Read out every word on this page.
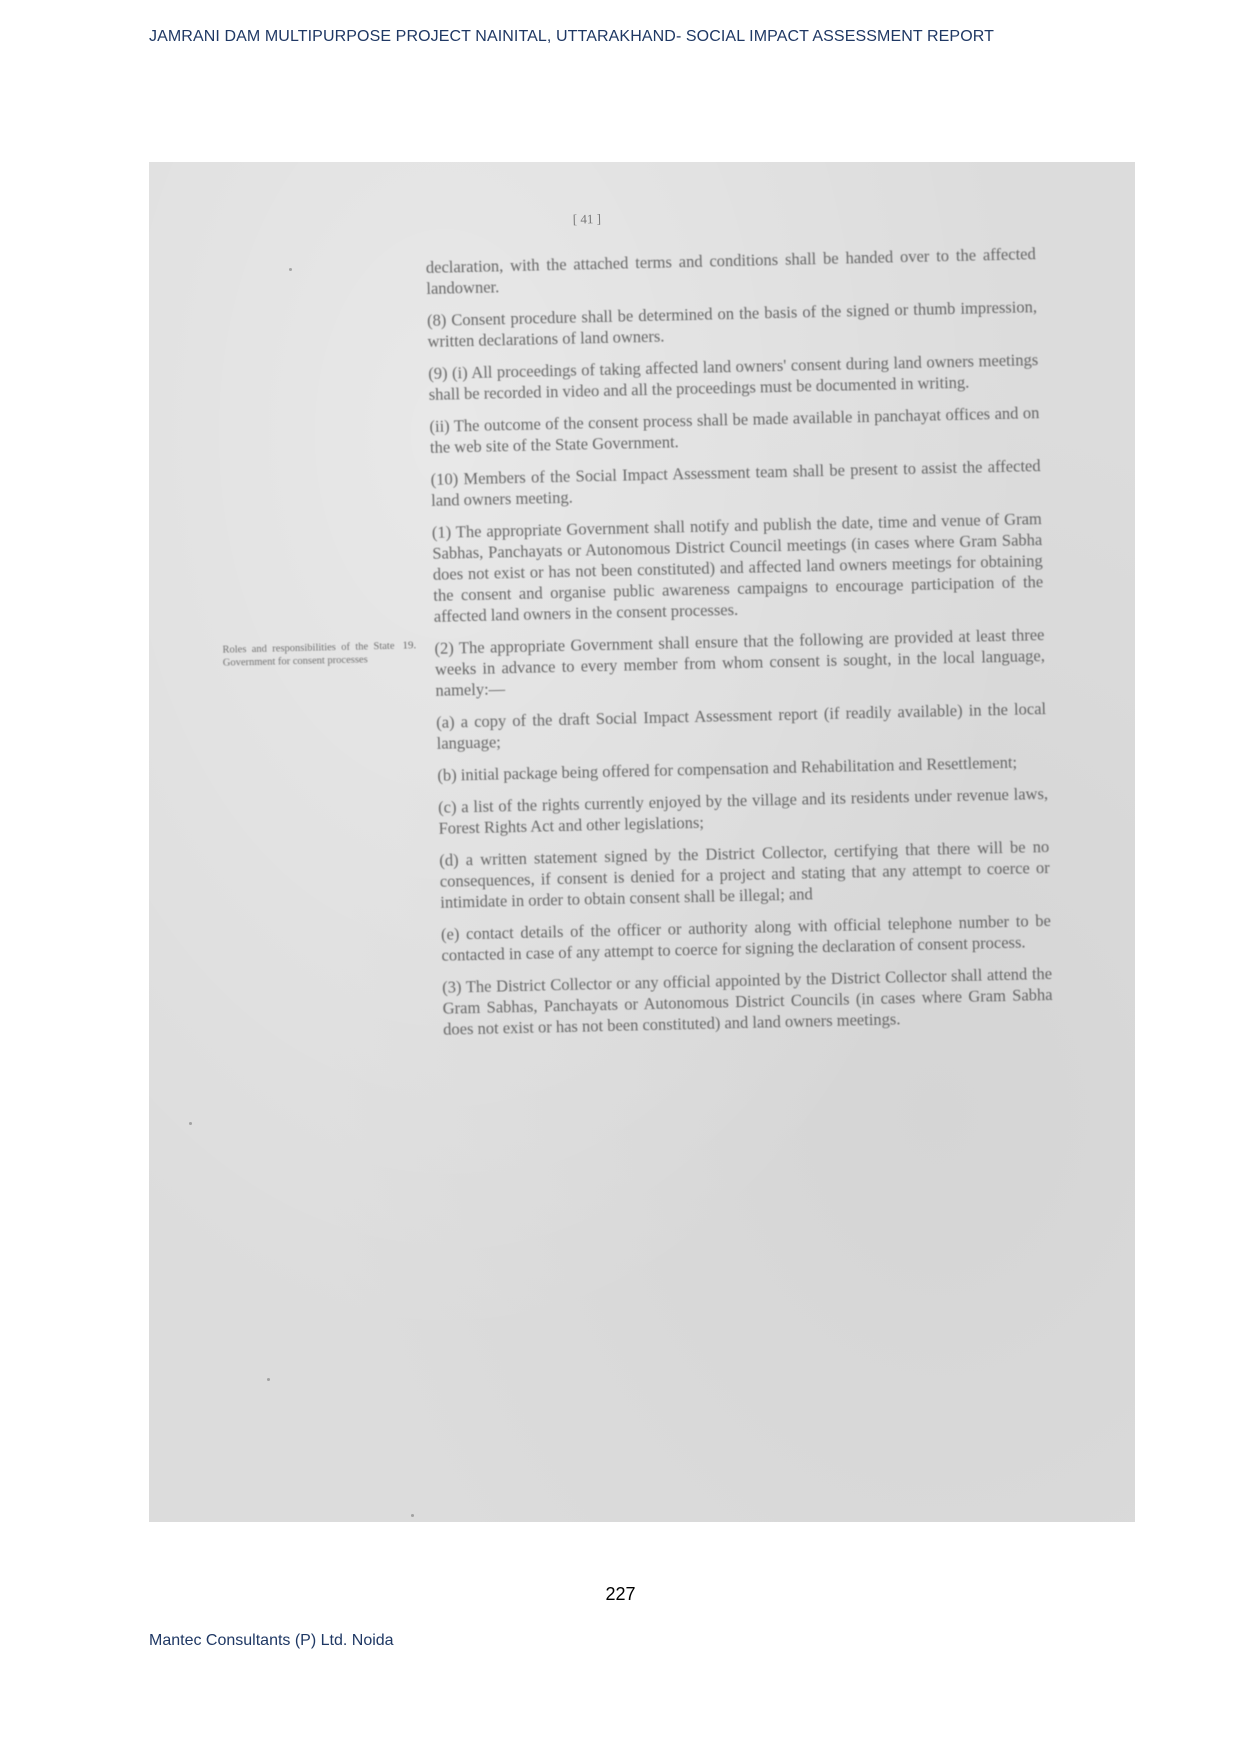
JAMRANI DAM MULTIPURPOSE PROJECT NAINITAL, UTTARAKHAND- SOCIAL IMPACT ASSESSMENT REPORT
[ 41 ]
Roles and responsibilities of the State Government for consent processes
19.

declaration, with the attached terms and conditions shall be handed over to the affected landowner.

(8) Consent procedure shall be determined on the basis of the signed or thumb impression, written declarations of land owners.

(9) (i) All proceedings of taking affected land owners' consent during land owners meetings shall be recorded in video and all the proceedings must be documented in writing.

(ii) The outcome of the consent process shall be made available in panchayat offices and on the web site of the State Government.

(10) Members of the Social Impact Assessment team shall be present to assist the affected land owners meeting.

(1) The appropriate Government shall notify and publish the date, time and venue of Gram Sabhas, Panchayats or Autonomous District Council meetings (in cases where Gram Sabha does not exist or has not been constituted) and affected land owners meetings for obtaining the consent and organise public awareness campaigns to encourage participation of the affected land owners in the consent processes.

(2) The appropriate Government shall ensure that the following are provided at least three weeks in advance to every member from whom consent is sought, in the local language, namely:—

(a) a copy of the draft Social Impact Assessment report (if readily available) in the local language;

(b) initial package being offered for compensation and Rehabilitation and Resettlement;

(c) a list of the rights currently enjoyed by the village and its residents under revenue laws, Forest Rights Act and other legislations;

(d) a written statement signed by the District Collector, certifying that there will be no consequences, if consent is denied for a project and stating that any attempt to coerce or intimidate in order to obtain consent shall be illegal; and

(e) contact details of the officer or authority along with official telephone number to be contacted in case of any attempt to coerce for signing the declaration of consent process.

(3) The District Collector or any official appointed by the District Collector shall attend the Gram Sabhas, Panchayats or Autonomous District Councils (in cases where Gram Sabha does not exist or has not been constituted) and land owners meetings.

227
Mantec Consultants (P) Ltd. Noida
